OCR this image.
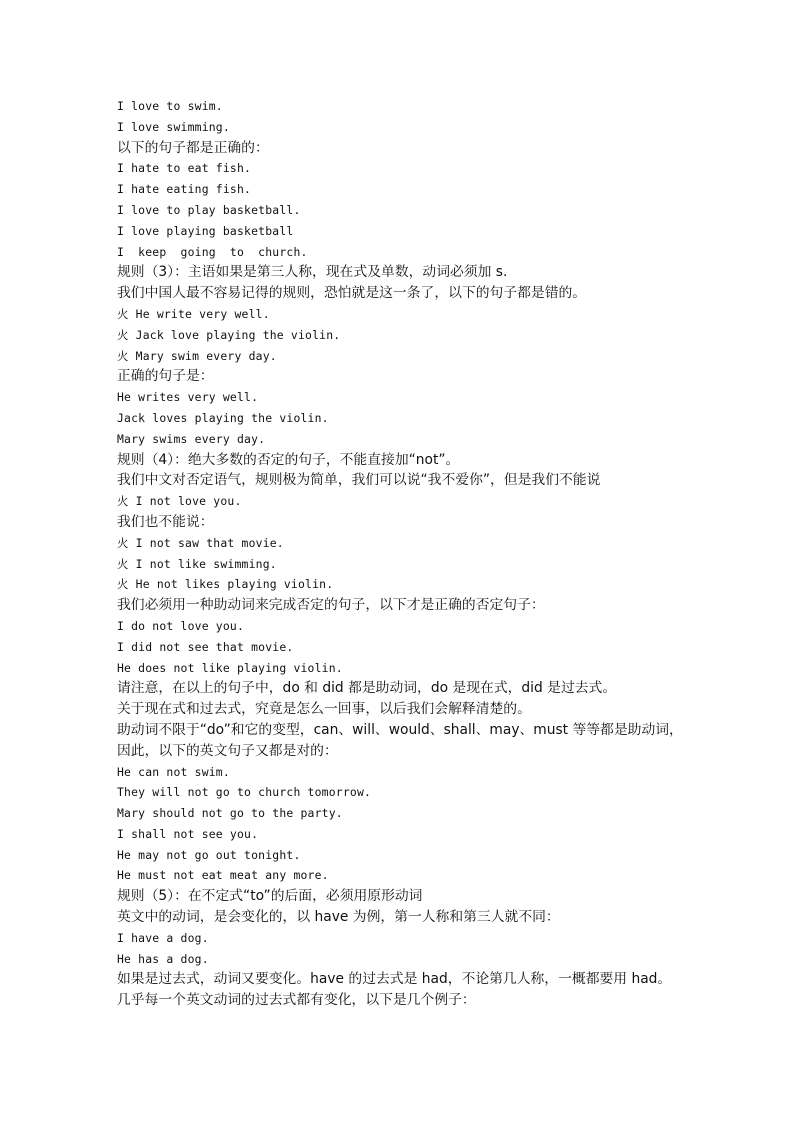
I love to swim.
I love swimming.
以下的句子都是正确的：
I hate to eat fish.
I hate eating fish.
I love to play basketball.
I love playing basketball
I  keep  going  to  church.
规则（3）：主语如果是第三人称，现在式及单数，动词必须加 s.
我们中国人最不容易记得的规则，恐怕就是这一条了，以下的句子都是错的。
火 He write very well.
火 Jack love playing the violin.
火 Mary swim every day.
正确的句子是：
He writes very well.
Jack loves playing the violin.
Mary swims every day.
规则（4）：绝大多数的否定的句子，不能直接加“not”。
我们中文对否定语气，规则极为简单，我们可以说“我不爱你”，但是我们不能说
火 I not love you.
我们也不能说：
火 I not saw that movie.
火 I not like swimming.
火 He not likes playing violin.
我们必须用一种助动词来完成否定的句子，以下才是正确的否定句子：
I do not love you.
I did not see that movie.
He does not like playing violin.
请注意，在以上的句子中，do 和 did 都是助动词，do 是现在式，did 是过去式。
关于现在式和过去式，究竟是怎么一回事，以后我们会解释清楚的。
助动词不限于“do”和它的变型，can、will、would、shall、may、must 等等都是助动词，
因此，以下的英文句子又都是对的：
He can not swim.
They will not go to church tomorrow.
Mary should not go to the party.
I shall not see you.
He may not go out tonight.
He must not eat meat any more.
规则（5）：在不定式“to”的后面，必须用原形动词
英文中的动词，是会变化的，以 have 为例，第一人称和第三人就不同：
I have a dog.
He has a dog.
如果是过去式，动词又要变化。have 的过去式是 had，不论第几人称，一概都要用 had。
几乎每一个英文动词的过去式都有变化，以下是几个例子：
